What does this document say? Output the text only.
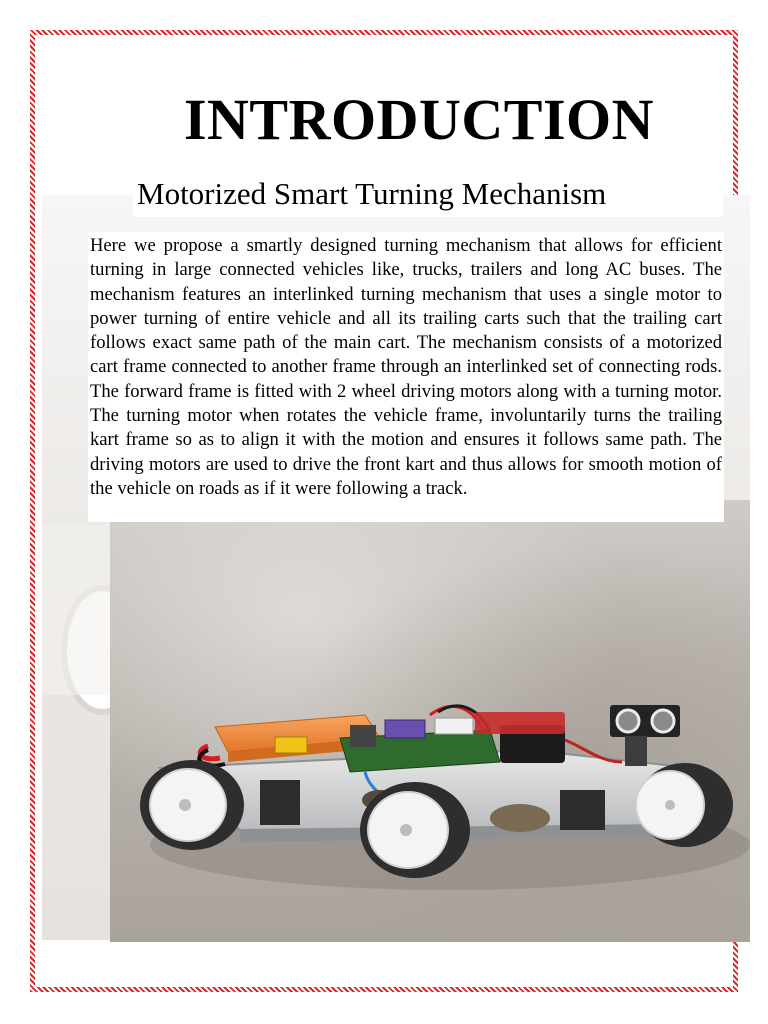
INTRODUCTION
Motorized Smart Turning Mechanism

Here we propose a smartly designed turning mechanism that allows for efficient turning in large connected vehicles like, trucks, trailers and long AC buses. The mechanism features an interlinked turning mechanism that uses a single motor to power turning of entire vehicle and all its trailing carts such that the trailing cart follows exact same path of the main cart. The mechanism consists of a motorized cart frame connected to another frame through an interlinked set of connecting rods. The forward frame is fitted with 2 wheel driving motors along with a turning motor. The turning motor when rotates the vehicle frame, involuntarily turns the trailing kart frame so as to align it with the motion and ensures it follows same path. The driving motors are used to drive the front kart and thus allows for smooth motion of the vehicle on roads as if it were following a track.
